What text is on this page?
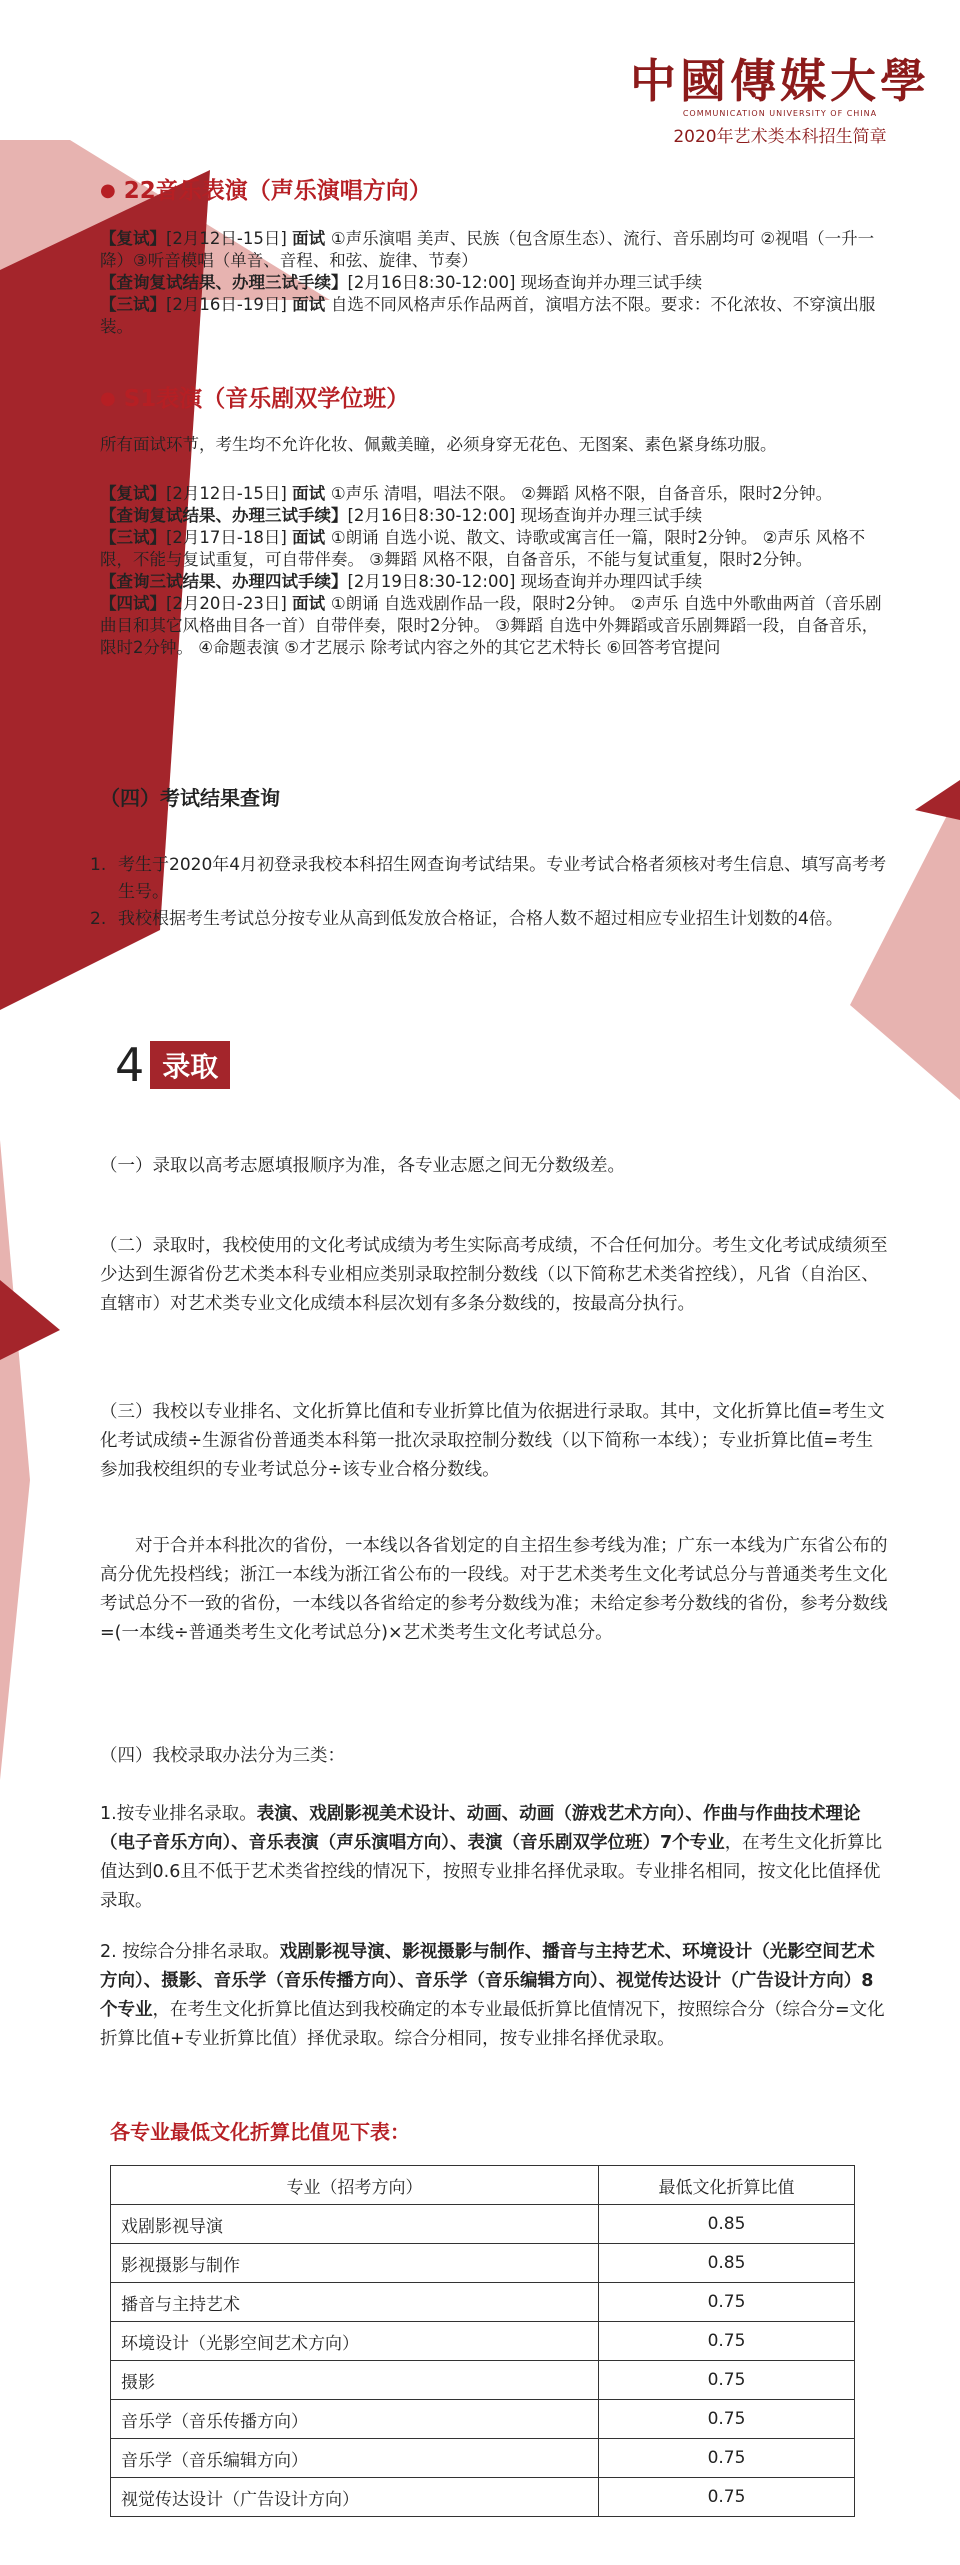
中國傳媒大學
COMMUNICATION UNIVERSITY OF CHINA
2020年艺术类本科招生简章
● 22音乐表演（声乐演唱方向）
【复试】[2月12日-15日] 面试 ①声乐演唱 美声、民族（包含原生态）、流行、音乐剧均可 ②视唱（一升一降）③听音模唱（单音、音程、和弦、旋律、节奏）
【查询复试结果、办理三试手续】[2月16日8:30-12:00] 现场查询并办理三试手续
【三试】[2月16日-19日] 面试 自选不同风格声乐作品两首，演唱方法不限。要求：不化浓妆、不穿演出服装。
● S1表演（音乐剧双学位班）
所有面试环节，考生均不允许化妆、佩戴美瞳，必须身穿无花色、无图案、素色紧身练功服。
【复试】[2月12日-15日] 面试 ①声乐 清唱，唱法不限。 ②舞蹈 风格不限，自备音乐，限时2分钟。
【查询复试结果、办理三试手续】[2月16日8:30-12:00] 现场查询并办理三试手续
【三试】[2月17日-18日] 面试 ①朗诵 自选小说、散文、诗歌或寓言任一篇，限时2分钟。 ②声乐 风格不限，不能与复试重复，可自带伴奏。 ③舞蹈 风格不限，自备音乐，不能与复试重复，限时2分钟。
【查询三试结果、办理四试手续】[2月19日8:30-12:00] 现场查询并办理四试手续
【四试】[2月20日-23日] 面试 ①朗诵 自选戏剧作品一段，限时2分钟。 ②声乐 自选中外歌曲两首（音乐剧曲目和其它风格曲目各一首）自带伴奏，限时2分钟。 ③舞蹈 自选中外舞蹈或音乐剧舞蹈一段，自备音乐，限时2分钟。 ④命题表演 ⑤才艺展示 除考试内容之外的其它艺术特长 ⑥回答考官提问
（四）考试结果查询
1. 考生于2020年4月初登录我校本科招生网查询考试结果。专业考试合格者须核对考生信息、填写高考考生号。
2. 我校根据考生考试总分按专业从高到低发放合格证，合格人数不超过相应专业招生计划数的4倍。
4 录取
（一）录取以高考志愿填报顺序为准，各专业志愿之间无分数级差。
（二）录取时，我校使用的文化考试成绩为考生实际高考成绩，不合任何加分。考生文化考试成绩须至少达到生源省份艺术类本科专业相应类别录取控制分数线（以下简称艺术类省控线），凡省（自治区、直辖市）对艺术类专业文化成绩本科层次划有多条分数线的，按最高分执行。
（三）我校以专业排名、文化折算比值和专业折算比值为依据进行录取。其中，文化折算比值=考生文化考试成绩÷生源省份普通类本科第一批次录取控制分数线（以下简称一本线）；专业折算比值=考生参加我校组织的专业考试总分÷该专业合格分数线。
对于合并本科批次的省份，一本线以各省划定的自主招生参考线为准；广东一本线为广东省公布的高分优先投档线；浙江一本线为浙江省公布的一段线。对于艺术类考生文化考试总分与普通类考生文化考试总分不一致的省份，一本线以各省给定的参考分数线为准；未给定参考分数线的省份，参考分数线=(一本线÷普通类考生文化考试总分)×艺术类考生文化考试总分。
（四）我校录取办法分为三类：
1.按专业排名录取。表演、戏剧影视美术设计、动画、动画（游戏艺术方向）、作曲与作曲技术理论（电子音乐方向）、音乐表演（声乐演唱方向）、表演（音乐剧双学位班）7个专业，在考生文化折算比值达到0.6且不低于艺术类省控线的情况下，按照专业排名择优录取。专业排名相同，按文化比值择优录取。
2. 按综合分排名录取。戏剧影视导演、影视摄影与制作、播音与主持艺术、环境设计（光影空间艺术方向）、摄影、音乐学（音乐传播方向）、音乐学（音乐编辑方向）、视觉传达设计（广告设计方向）8个专业，在考生文化折算比值达到我校确定的本专业最低折算比值情况下，按照综合分（综合分=文化折算比值+专业折算比值）择优录取。综合分相同，按专业排名择优录取。
各专业最低文化折算比值见下表：
专业（招考方向）	最低文化折算比值
戏剧影视导演	0.85
影视摄影与制作	0.85
播音与主持艺术	0.75
环境设计（光影空间艺术方向）	0.75
摄影	0.75
音乐学（音乐传播方向）	0.75
音乐学（音乐编辑方向）	0.75
视觉传达设计（广告设计方向）	0.75
